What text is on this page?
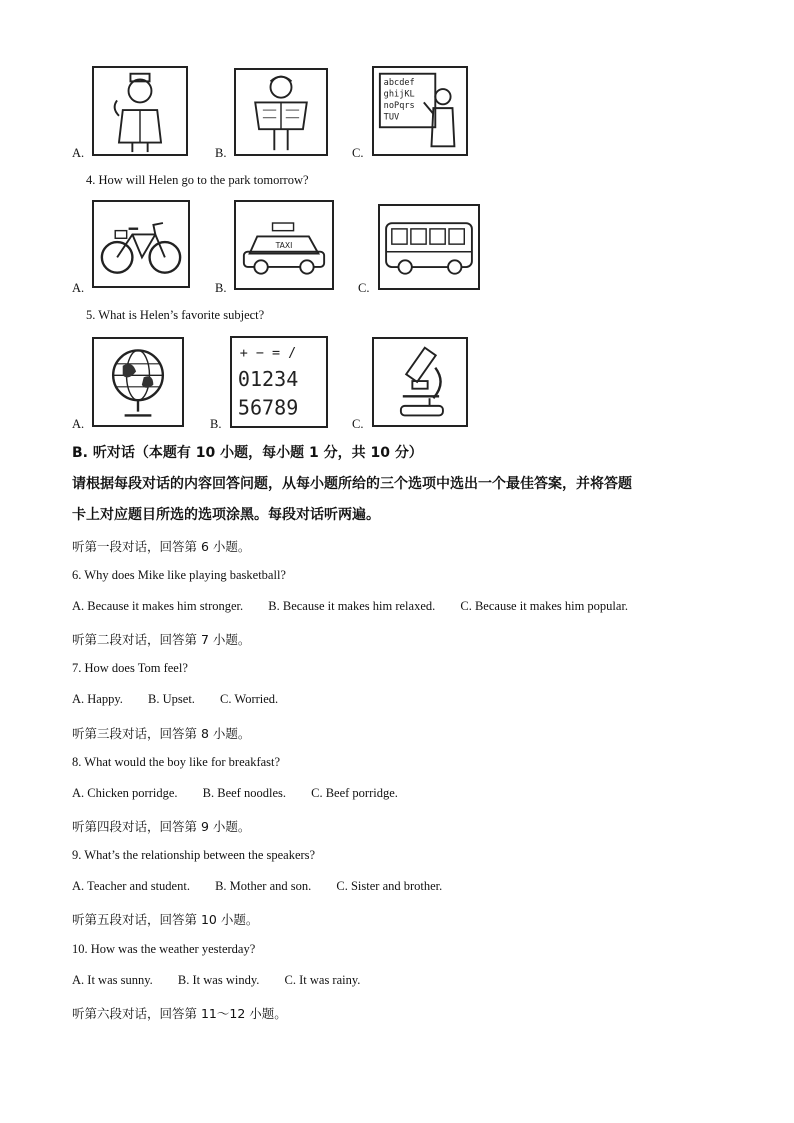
A.	B.
abcdef
ghijKL
noPqrs
TUV
C.
4. How will Helen go to the park tomorrow?
A.
TAXI
B.	C.
5. What is Helen’s favorite subject?
A.
+ − = /
01234
56789
B.	C.
B. 听对话（本题有 10 小题，每小题 1 分，共 10 分）
请根据每段对话的内容回答问题，从每小题所给的三个选项中选出一个最佳答案，并将答题
卡上对应题目所选的选项涂黑。每段对话听两遍。
听第一段对话，回答第 6 小题。
6. Why does Mike like playing basketball?
A. Because it makes him stronger. B. Because it makes him relaxed. C. Because it makes him popular.
听第二段对话，回答第 7 小题。
7. How does Tom feel?
A. Happy. B. Upset. C. Worried.
听第三段对话，回答第 8 小题。
8. What would the boy like for breakfast?
A. Chicken porridge. B. Beef noodles. C. Beef porridge.
听第四段对话，回答第 9 小题。
9. What’s the relationship between the speakers?
A. Teacher and student. B. Mother and son. C. Sister and brother.
听第五段对话，回答第 10 小题。
10. How was the weather yesterday?
A. It was sunny. B. It was windy. C. It was rainy.
听第六段对话，回答第 11～12 小题。
